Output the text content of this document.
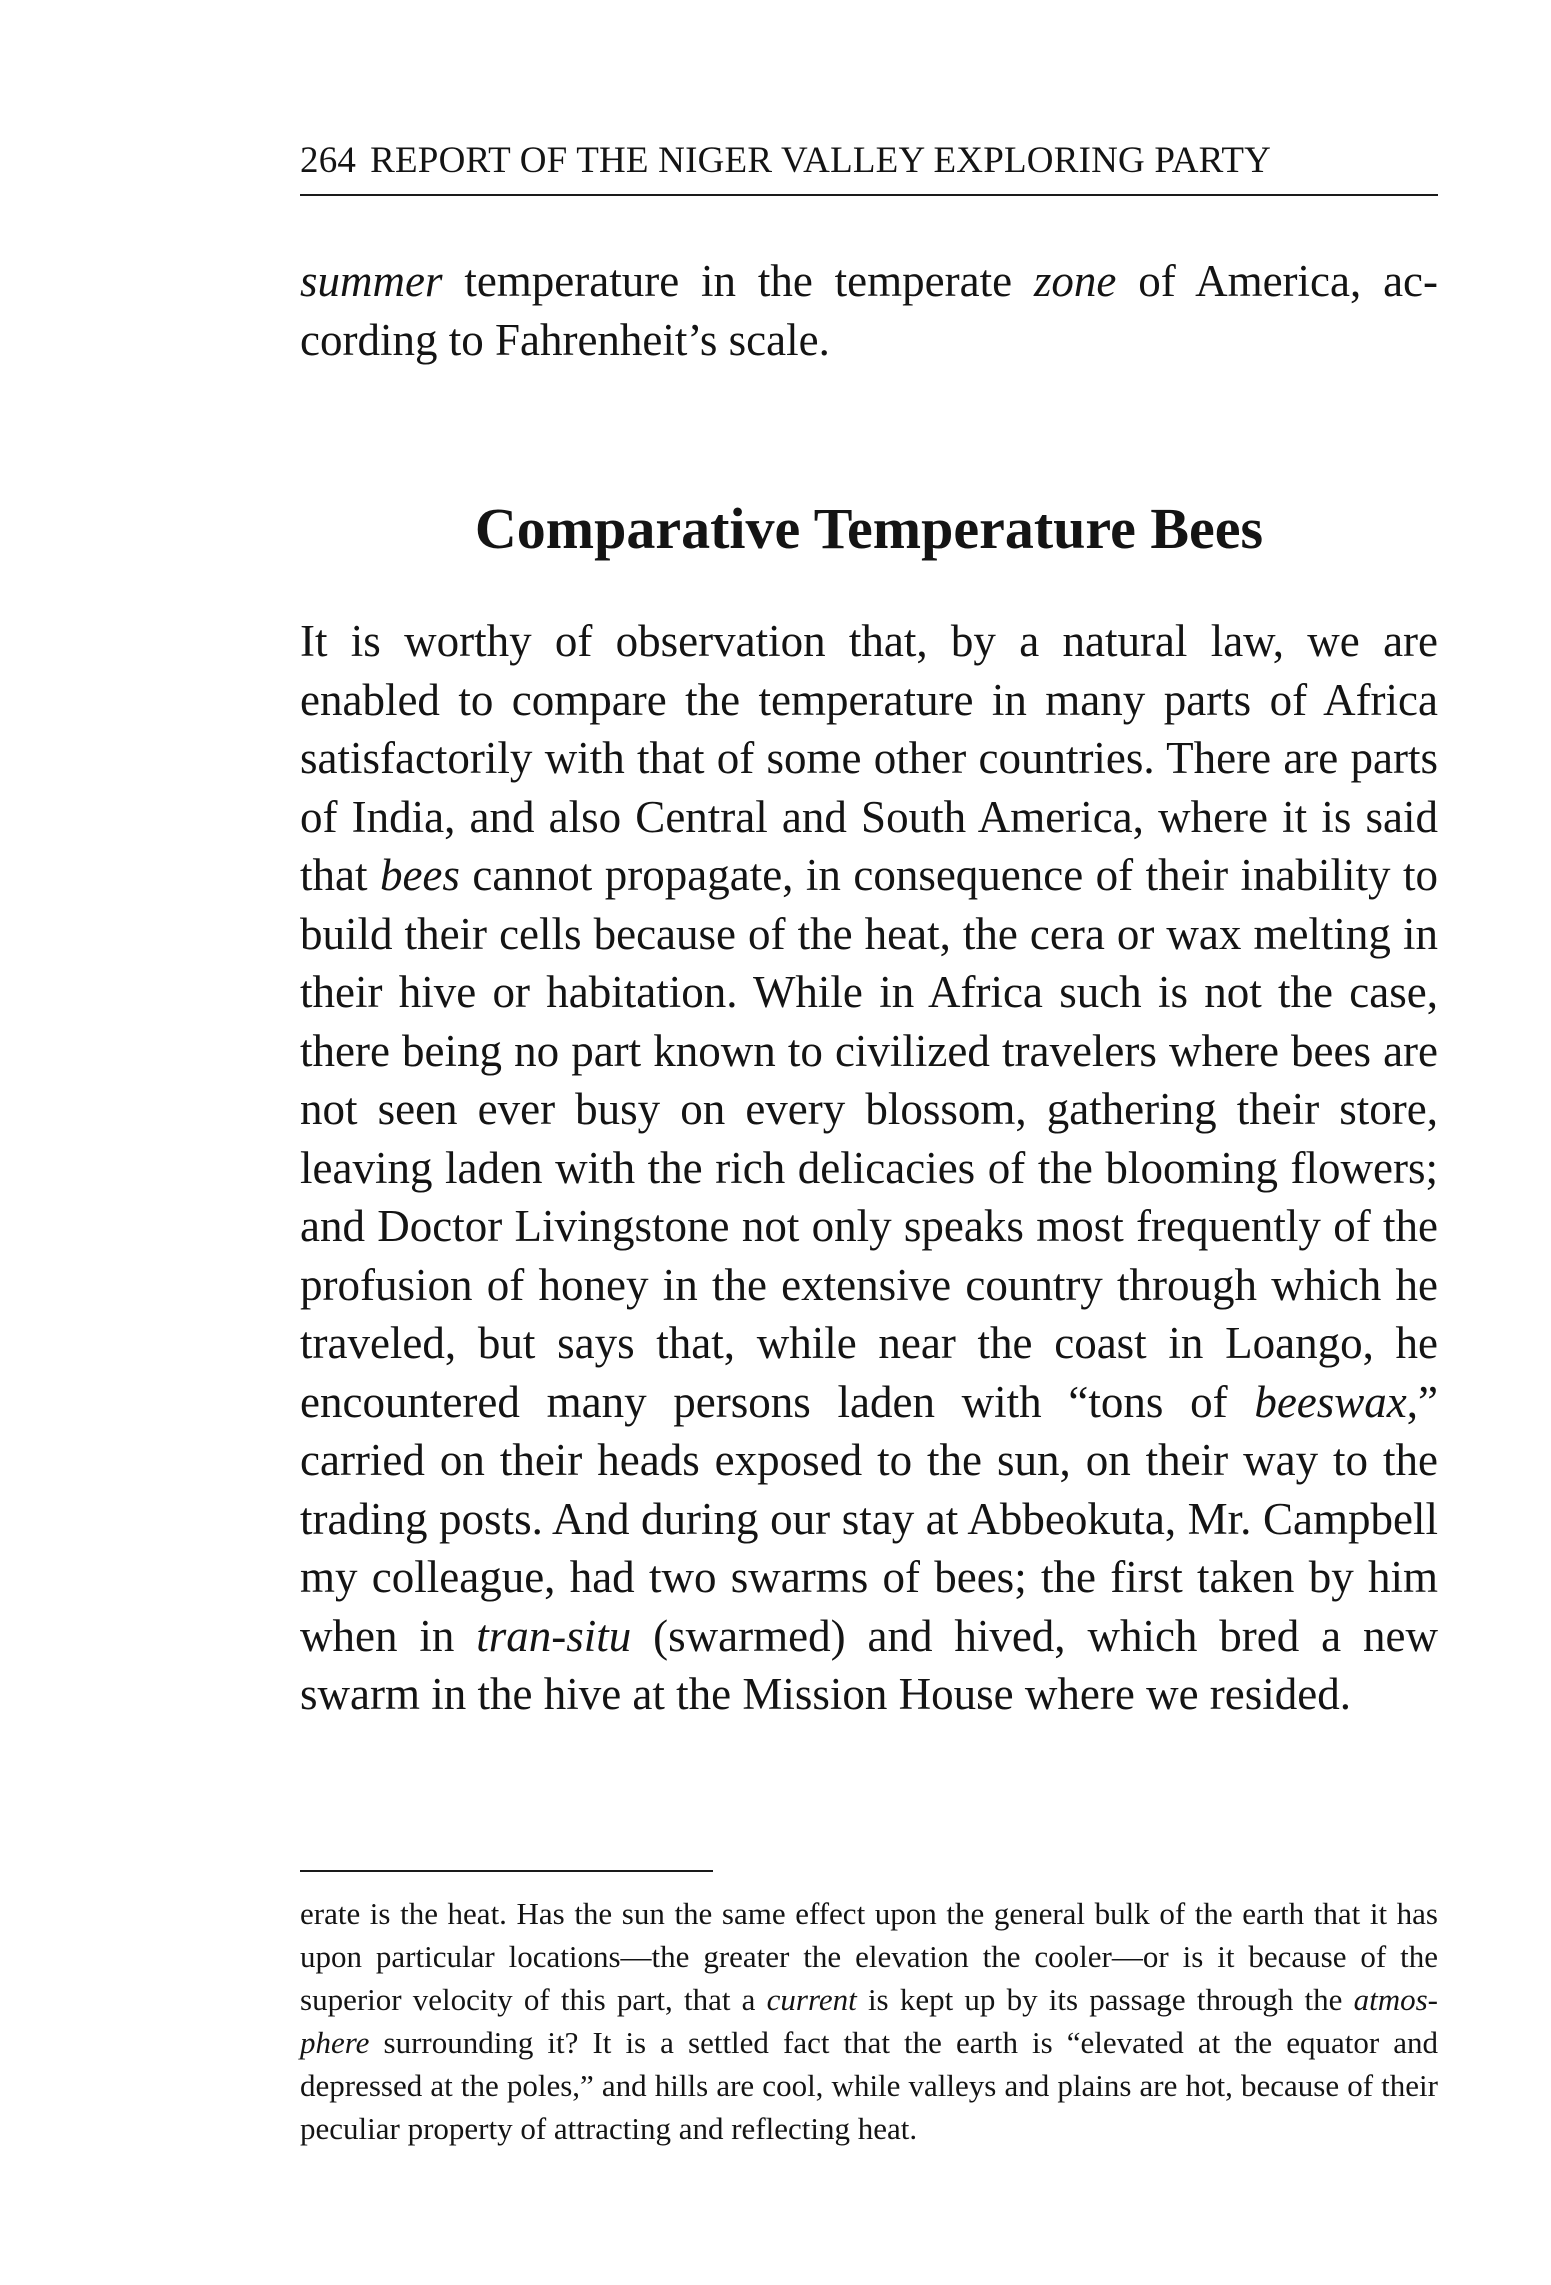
264 REPORT OF THE NIGER VALLEY EXPLORING PARTY

summer temperature in the temperate zone of America, ac-cording to Fahrenheit’s scale.

Comparative Temperature Bees

It is worthy of observation that, by a natural law, we are enabled to compare the temperature in many parts of Africa satisfactorily with that of some other countries. There are parts of India, and also Central and South America, where it is said that bees cannot propagate, in consequence of their inability to build their cells because of the heat, the cera or wax melting in their hive or habitation. While in Africa such is not the case, there being no part known to civilized travelers where bees are not seen ever busy on every blossom, gathering their store, leaving laden with the rich delicacies of the blooming flowers; and Doctor Livingstone not only speaks most frequently of the profusion of honey in the extensive country through which he traveled, but says that, while near the coast in Loango, he encountered many persons laden with “tons of beeswax,” carried on their heads exposed to the sun, on their way to the trading posts. And during our stay at Abbeokuta, Mr. Campbell my colleague, had two swarms of bees; the first taken by him when in tran-situ (swarmed) and hived, which bred a new swarm in the hive at the Mission House where we resided.

erate is the heat. Has the sun the same effect upon the general bulk of the earth that it has upon particular locations—the greater the elevation the cooler—or is it because of the superior velocity of this part, that a current is kept up by its passage through the atmos-phere surrounding it? It is a settled fact that the earth is “elevated at the equator and depressed at the poles,” and hills are cool, while valleys and plains are hot, because of their peculiar property of attracting and reflecting heat.
